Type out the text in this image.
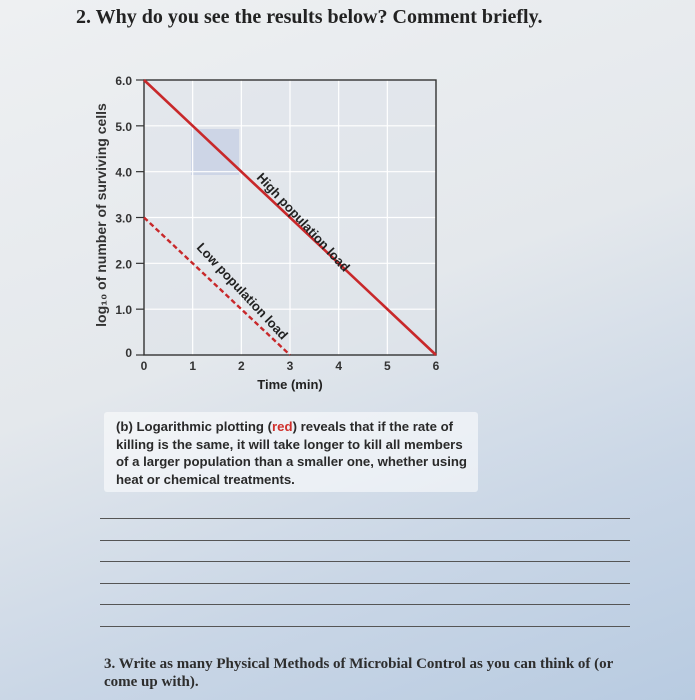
2. Why do you see the results below? Comment briefly.
0
1.0
2.0
3.0
4.0
5.0
6.0
0	1	2	3	4	5	6
log₁₀ of number of surviving cells
Time (min)
High population load
Low population load
(b) Logarithmic plotting (red) reveals that if the rate of killing is the same, it will take longer to kill all members of a larger population than a smaller one, whether using heat or chemical treatments.
3. Write as many Physical Methods of Microbial Control as you can think of (or come up with).
